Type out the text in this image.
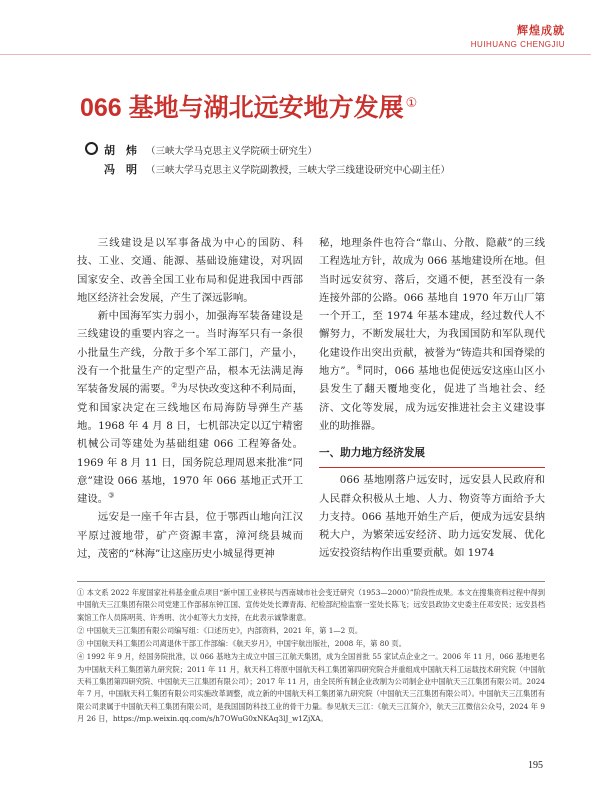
辉煌成就
HUIHUANG CHENGJIU
066 基地与湖北远安地方发展 ①
胡　炜 （三峡大学马克思主义学院硕士研究生）
冯　明 （三峡大学马克思主义学院副教授，三峡大学三线建设研究中心副主任）

三线建设是以军事备战为中心的国防、科技、工业、交通、能源、基础设施建设，对巩固国家安全、改善全国工业布局和促进我国中西部地区经济社会发展，产生了深远影响。

新中国海军实力弱小，加强海军装备建设是三线建设的重要内容之一。当时海军只有一条很小批量生产线，分散于多个军工部门，产量小，没有一个批量生产的定型产品，根本无法满足海军装备发展的需要。②为尽快改变这种不利局面，党和国家决定在三线地区布局海防导弹生产基地。1968 年 4 月 8 日，七机部决定以辽宁精密机械公司等建处为基础组建 066 工程筹备处。1969 年 8 月 11 日，国务院总理周恩来批准“同意”建设 066 基地，1970 年 066 基地正式开工建设。③

远安是一座千年古县，位于鄂西山地向江汉平原过渡地带，矿产资源丰富，漳河绕县城而过，茂密的“林海”让这座历史小城显得更神

秘，地理条件也符合“靠山、分散、隐蔽”的三线工程选址方针，故成为 066 基地建设所在地。但当时远安贫穷、落后，交通不便，甚至没有一条连接外部的公路。066 基地自 1970 年万山厂第一个开工，至 1974 年基本建成，经过数代人不懈努力，不断发展壮大，为我国国防和军队现代化建设作出突出贡献，被誉为“铸造共和国脊梁的地方”。④同时，066 基地也促使远安这座山区小县发生了翻天覆地变化，促进了当地社会、经济、文化等发展，成为远安推进社会主义建设事业的助推器。

一、助力地方经济发展

066 基地刚落户远安时，远安县人民政府和人民群众积极从土地、人力、物资等方面给予大力支持。066 基地开始生产后，便成为远安县纳税大户，为繁荣远安经济、助力远安发展、优化远安投资结构作出重要贡献。如 1974

① 本文系 2022 年度国家社科基金重点项目“新中国工业移民与西南城市社会变迁研究（1953—2000）”阶段性成果。本文在搜集资料过程中得到中国航天三江集团有限公司党建工作部郝东钟江国、宣传处处长谭青海、纪检部纪检监察一室处长陈飞；远安县政协文史委主任邓安民；远安县档案馆工作人员陈明英、许秀明、沈小虹等大力支持，在此表示诚挚谢意。

② 中国航天三江集团有限公司编写组：《口述历史》，内部资料，2021 年，第 1—2 页。

③ 中国航天科工集团公司离退休干部工作部编：《航天岁月》，中国宇航出版社，2008 年，第 80 页。

④ 1992 年 9 月，经国务院批准，以 066 基地为主成立中国三江航天集团，成为全国首批 55 家试点企业之一。2006 年 11 月，066 基地更名为中国航天科工集团第九研究院；2011 年 11 月，航天科工将原中国航天科工集团第四研究院合并重组成中国航天科工运载技术研究院（中国航天科工集团第四研究院、中国航天三江集团有限公司）；2017 年 11 月，由全民所有制企业改制为公司制企业中国航天三江集团有限公司。2024 年 7 月，中国航天科工集团有限公司实施改革调整，成立新的中国航天科工集团第九研究院（中国航天三江集团有限公司）。中国航天三江集团有限公司隶属于中国航天科工集团有限公司，是我国国防科技工业的骨干力量。参见航天三江：《航天三江简介》，航天三江微信公众号，2024 年 9 月 26 日，https://mp.weixin.qq.com/s/h7OWuG0xNKAq3lJ_w1ZjXA。

195
